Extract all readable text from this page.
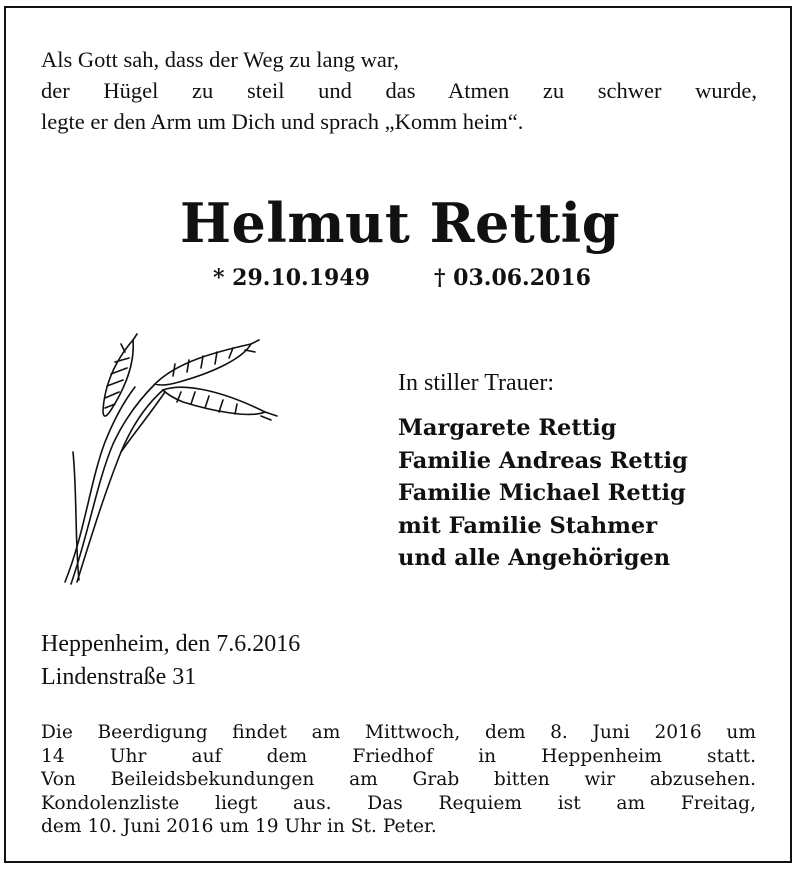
Als Gott sah, dass der Weg zu lang war,
der Hügel zu steil und das Atmen zu schwer wurde,
legte er den Arm um Dich und sprach „Komm heim“.
Helmut Rettig
* 29.10.1949	† 03.06.2016
In stiller Trauer:
Margarete Rettig
Familie Andreas Rettig
Familie Michael Rettig
mit Familie Stahmer
und alle Angehörigen
Heppenheim, den 7.6.2016
Lindenstraße 31
Die Beerdigung findet am Mittwoch, dem 8. Juni 2016 um
14 Uhr auf dem Friedhof in Heppenheim statt.
Von Beileidsbekundungen am Grab bitten wir abzusehen.
Kondolenzliste liegt aus. Das Requiem ist am Freitag,
dem 10. Juni 2016 um 19 Uhr in St. Peter.
